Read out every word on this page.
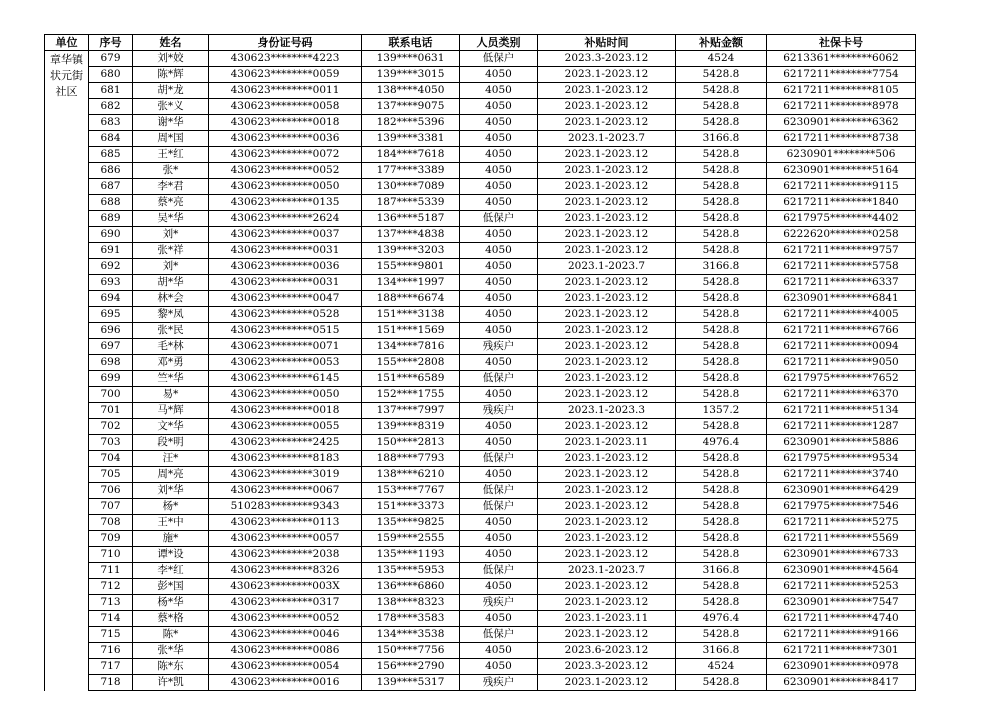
单位	序号	姓名	身份证号码	联系电话	人员类别	补贴时间	补贴金额	社保卡号

章华镇
状元街
社区	679	刘*姣	430623********4223	139****0631	低保户	2023.3-2023.12	4524	6213361********6062
	680	陈*辉	430623********0059	139****3015	4050	2023.1-2023.12	5428.8	6217211********7754
	681	胡*龙	430623********0011	138****4050	4050	2023.1-2023.12	5428.8	6217211********8105
	682	张*义	430623********0058	137****9075	4050	2023.1-2023.12	5428.8	6217211********8978
	683	谢*华	430623********0018	182****5396	4050	2023.1-2023.12	5428.8	6230901********6362
	684	周*国	430623********0036	139****3381	4050	2023.1-2023.7	3166.8	6217211********8738
	685	王*红	430623********0072	184****7618	4050	2023.1-2023.12	5428.8	6230901********506
	686	张*	430623********0052	177****3389	4050	2023.1-2023.12	5428.8	6230901********5164
	687	李*君	430623********0050	130****7089	4050	2023.1-2023.12	5428.8	6217211********9115
	688	蔡*亮	430623********0135	187****5339	4050	2023.1-2023.12	5428.8	6217211********1840
	689	吴*华	430623********2624	136****5187	低保户	2023.1-2023.12	5428.8	6217975********4402
	690	刘*	430623********0037	137****4838	4050	2023.1-2023.12	5428.8	6222620********0258
	691	张*祥	430623********0031	139****3203	4050	2023.1-2023.12	5428.8	6217211********9757
	692	刘*	430623********0036	155****9801	4050	2023.1-2023.7	3166.8	6217211********5758
	693	胡*华	430623********0031	134****1997	4050	2023.1-2023.12	5428.8	6217211********6337
	694	林*会	430623********0047	188****6674	4050	2023.1-2023.12	5428.8	6230901********6841
	695	黎*凤	430623********0528	151****3138	4050	2023.1-2023.12	5428.8	6217211********4005
	696	张*民	430623********0515	151****1569	4050	2023.1-2023.12	5428.8	6217211********6766
	697	毛*林	430623********0071	134****7816	残疾户	2023.1-2023.12	5428.8	6217211********0094
	698	邓*勇	430623********0053	155****2808	4050	2023.1-2023.12	5428.8	6217211********9050
	699	竺*华	430623********6145	151****6589	低保户	2023.1-2023.12	5428.8	6217975********7652
	700	易*	430623********0050	152****1755	4050	2023.1-2023.12	5428.8	6217211********6370
	701	马*辉	430623********0018	137****7997	残疾户	2023.1-2023.3	1357.2	6217211********5134
	702	文*华	430623********0055	139****8319	4050	2023.1-2023.12	5428.8	6217211********1287
	703	段*明	430623********2425	150****2813	4050	2023.1-2023.11	4976.4	6230901********5886
	704	汪*	430623********8183	188****7793	低保户	2023.1-2023.12	5428.8	6217975********9534
	705	周*亮	430623********3019	138****6210	4050	2023.1-2023.12	5428.8	6217211********3740
	706	刘*华	430623********0067	153****7767	低保户	2023.1-2023.12	5428.8	6230901********6429
	707	杨*	510283********9343	151****3373	低保户	2023.1-2023.12	5428.8	6217975********7546
	708	王*中	430623********0113	135****9825	4050	2023.1-2023.12	5428.8	6217211********5275
	709	施*	430623********0057	159****2555	4050	2023.1-2023.12	5428.8	6217211********5569
	710	谭*设	430623********2038	135****1193	4050	2023.1-2023.12	5428.8	6230901********6733
	711	李*红	430623********8326	135****5953	低保户	2023.1-2023.7	3166.8	6230901********4564
	712	彭*国	430623********003X	136****6860	4050	2023.1-2023.12	5428.8	6217211********5253
	713	杨*华	430623********0317	138****8323	残疾户	2023.1-2023.12	5428.8	6230901********7547
	714	蔡*格	430623********0052	178****3583	4050	2023.1-2023.11	4976.4	6217211********4740
	715	陈*	430623********0046	134****3538	低保户	2023.1-2023.12	5428.8	6217211********9166
	716	张*华	430623********0086	150****7756	4050	2023.6-2023.12	3166.8	6217211********7301
	717	陈*东	430623********0054	156****2790	4050	2023.3-2023.12	4524	6230901********0978
	718	许*凯	430623********0016	139****5317	残疾户	2023.1-2023.12	5428.8	6230901********8417
